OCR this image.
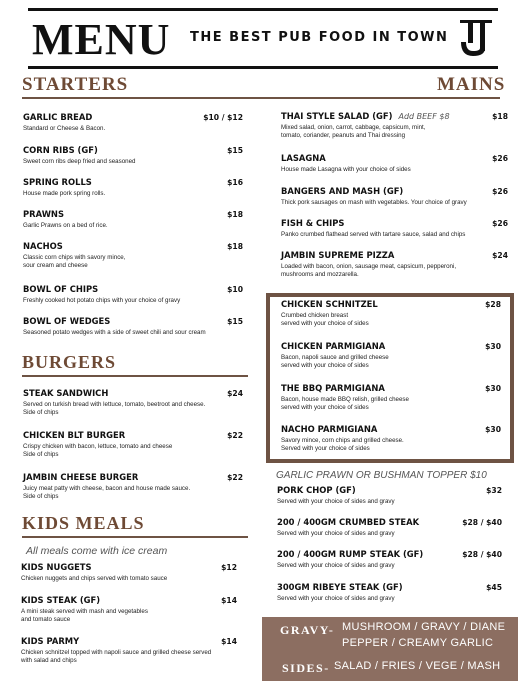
MENU THE BEST PUB FOOD IN TOWN
STARTERS	MAINS
BURGERS
KIDS MEALS
All meals come with ice cream
GARLIC PRAWN OR BUSHMAN TOPPER $10
GRAVY- MUSHROOM / GRAVY / DIANE
PEPPER / CREAMY GARLIC
SIDES- SALAD / FRIES / VEGE / MASH
GARLIC BREAD
Standard or Cheese & Bacon.
$10 / $12
CORN RIBS (GF)
Sweet corn ribs deep fried and seasoned
$15
SPRING ROLLS
House made pork spring rolls.
$16
PRAWNS
Garlic Prawns on a bed of rice.
$18
NACHOS
Classic corn chips with savory mince,
sour cream and cheese
$18
BOWL OF CHIPS
Freshly cooked hot potato chips with your choice of gravy
$10
BOWL OF WEDGES
Seasoned potato wedges with a side of sweet chili and sour cream
$15
STEAK SANDWICH
Served on turkish bread with lettuce, tomato, beetroot and cheese.
Side of chips
$24
CHICKEN BLT BURGER
Crispy chicken with bacon, lettuce, tomato and cheese
Side of chips
$22
JAMBIN CHEESE BURGER
Juicy meat patty with cheese, bacon and house made sauce.
Side of chips
$22
KIDS NUGGETS
Chicken nuggets and chips served with tomato sauce
$12
KIDS STEAK (GF)
A mini steak served with mash and vegetables
and tomato sauce
$14
KIDS PARMY
Chicken schnitzel topped with napoli sauce and grilled cheese served
with salad and chips
$14
THAI STYLE SALAD (GF) Add BEEF $8
Mixed salad, onion, carrot, cabbage, capsicum, mint,
tomato, coriander, peanuts and Thai dressing
$18
LASAGNA
House made Lasagna with your choice of sides
$26
BANGERS AND MASH (GF)
Thick pork sausages on mash with vegetables. Your choice of gravy
$26
FISH & CHIPS
Panko crumbed flathead served with tartare sauce, salad and chips
$26
JAMBIN SUPREME PIZZA
Loaded with bacon, onion, sausage meat, capsicum, pepperoni,
mushrooms and mozzarella.
$24
CHICKEN SCHNITZEL
Crumbed chicken breast
served with your choice of sides
$28
CHICKEN PARMIGIANA
Bacon, napoli sauce and grilled cheese
served with your choice of sides
$30
THE BBQ PARMIGIANA
Bacon, house made BBQ relish, grilled cheese
served with your choice of sides
$30
NACHO PARMIGIANA
Savory mince, corn chips and grilled cheese.
Served with your choice of sides
$30
PORK CHOP (GF)
Served with your choice of sides and gravy
$32
200 / 400GM CRUMBED STEAK
Served with your choice of sides and gravy
$28 / $40
200 / 400GM RUMP STEAK (GF)
Served with your choice of sides and gravy
$28 / $40
300GM RIBEYE STEAK (GF)
Served with your choice of sides and gravy
$45
